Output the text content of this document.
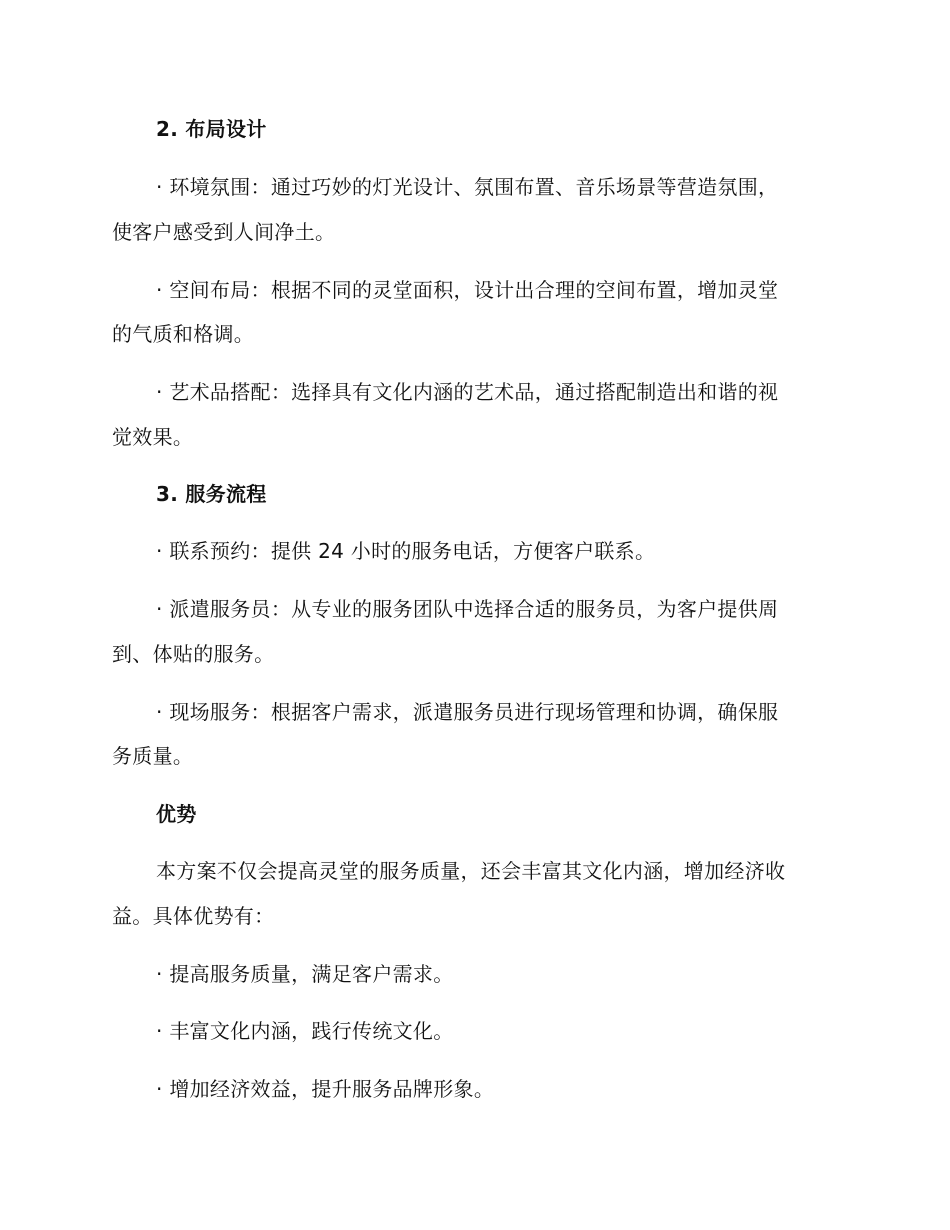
2. 布局设计
· 环境氛围：通过巧妙的灯光设计、氛围布置、音乐场景等营造氛围，
使客户感受到人间净土。
· 空间布局：根据不同的灵堂面积，设计出合理的空间布置，增加灵堂
的气质和格调。
· 艺术品搭配：选择具有文化内涵的艺术品，通过搭配制造出和谐的视
觉效果。
3. 服务流程
· 联系预约：提供 24 小时的服务电话，方便客户联系。
· 派遣服务员：从专业的服务团队中选择合适的服务员，为客户提供周
到、体贴的服务。
· 现场服务：根据客户需求，派遣服务员进行现场管理和协调，确保服
务质量。
优势
本方案不仅会提高灵堂的服务质量，还会丰富其文化内涵，增加经济收
益。具体优势有：
· 提高服务质量，满足客户需求。
· 丰富文化内涵，践行传统文化。
· 增加经济效益，提升服务品牌形象。
